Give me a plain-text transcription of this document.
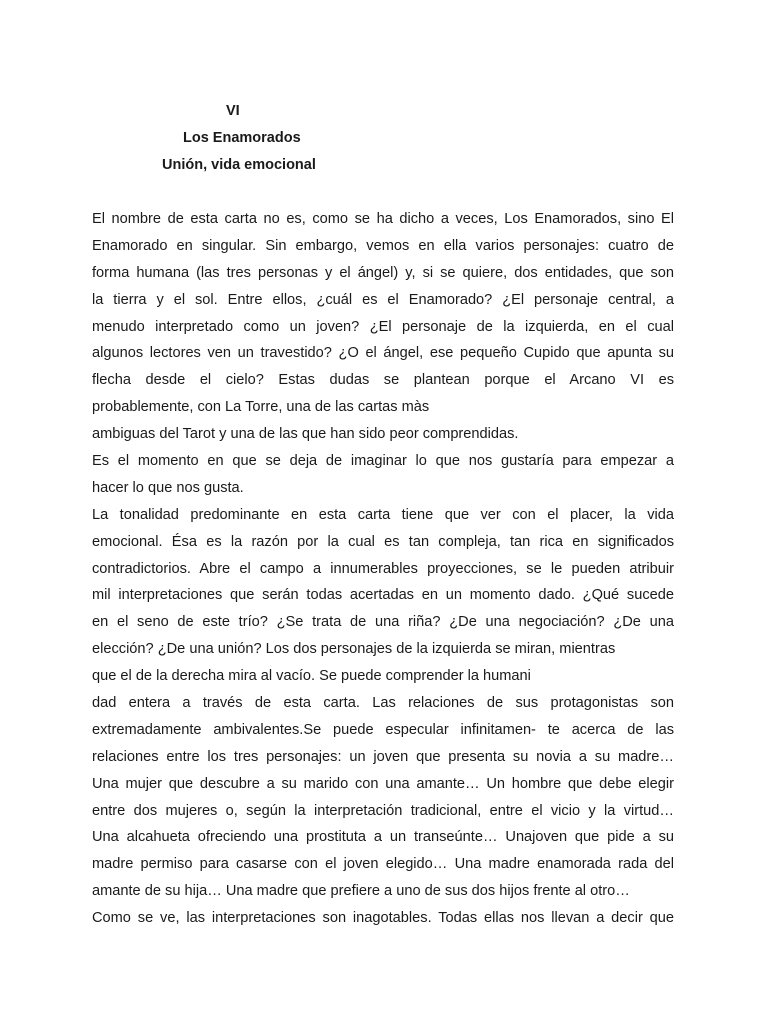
VI
Los Enamorados
Unión, vida emocional
El nombre de esta carta no es, como se ha dicho a veces, Los Enamorados, sino El
Enamorado en singular. Sin embargo, vemos en ella varios personajes: cuatro de
forma humana (las tres personas y el ángel) y, si se quiere, dos entidades, que son
la tierra y el sol. Entre ellos, ¿cuál es el Enamorado? ¿El personaje central, a
menudo interpretado como un joven? ¿El personaje de la izquierda, en el cual
algunos lectores ven un travestido? ¿O el ángel, ese pequeño Cupido que apunta su
flecha desde el cielo? Estas dudas se plantean porque el Arcano VI es
probablemente, con La Torre, una de las cartas màs
ambiguas del Tarot y una de las que han sido peor comprendidas.
Es el momento en que se deja de imaginar lo que nos gustaría para empezar a
hacer lo que nos gusta.
La tonalidad predominante en esta carta tiene que ver con el placer, la vida
emocional. Ésa es la razón por la cual es tan compleja, tan rica en significados
contradictorios. Abre el campo a innumerables proyecciones, se le pueden atribuir
mil interpretaciones que serán todas acertadas en un momento dado. ¿Qué sucede
en el seno de este trío? ¿Se trata de una riña? ¿De una negociación? ¿De una
elección? ¿De una unión? Los dos personajes de la izquierda se miran, mientras
que el de la derecha mira al vacío. Se puede comprender la humani
dad entera a través de esta carta. Las relaciones de sus protagonistas son
extremadamente ambivalentes.Se puede especular infinitamen- te acerca de las
relaciones entre los tres personajes: un joven que presenta su novia a su madre…
Una mujer que descubre a su marido con una amante… Un hombre que debe elegir
entre dos mujeres o, según la interpretación tradicional, entre el vicio y la virtud…
Una alcahueta ofreciendo una prostituta a un transeúnte… Unajoven que pide a su
madre permiso para casarse con el joven elegido… Una madre enamorada rada del
amante de su hija… Una madre que prefiere a uno de sus dos hijos frente al otro…
Como se ve, las interpretaciones son inagotables. Todas ellas nos llevan a decir que
